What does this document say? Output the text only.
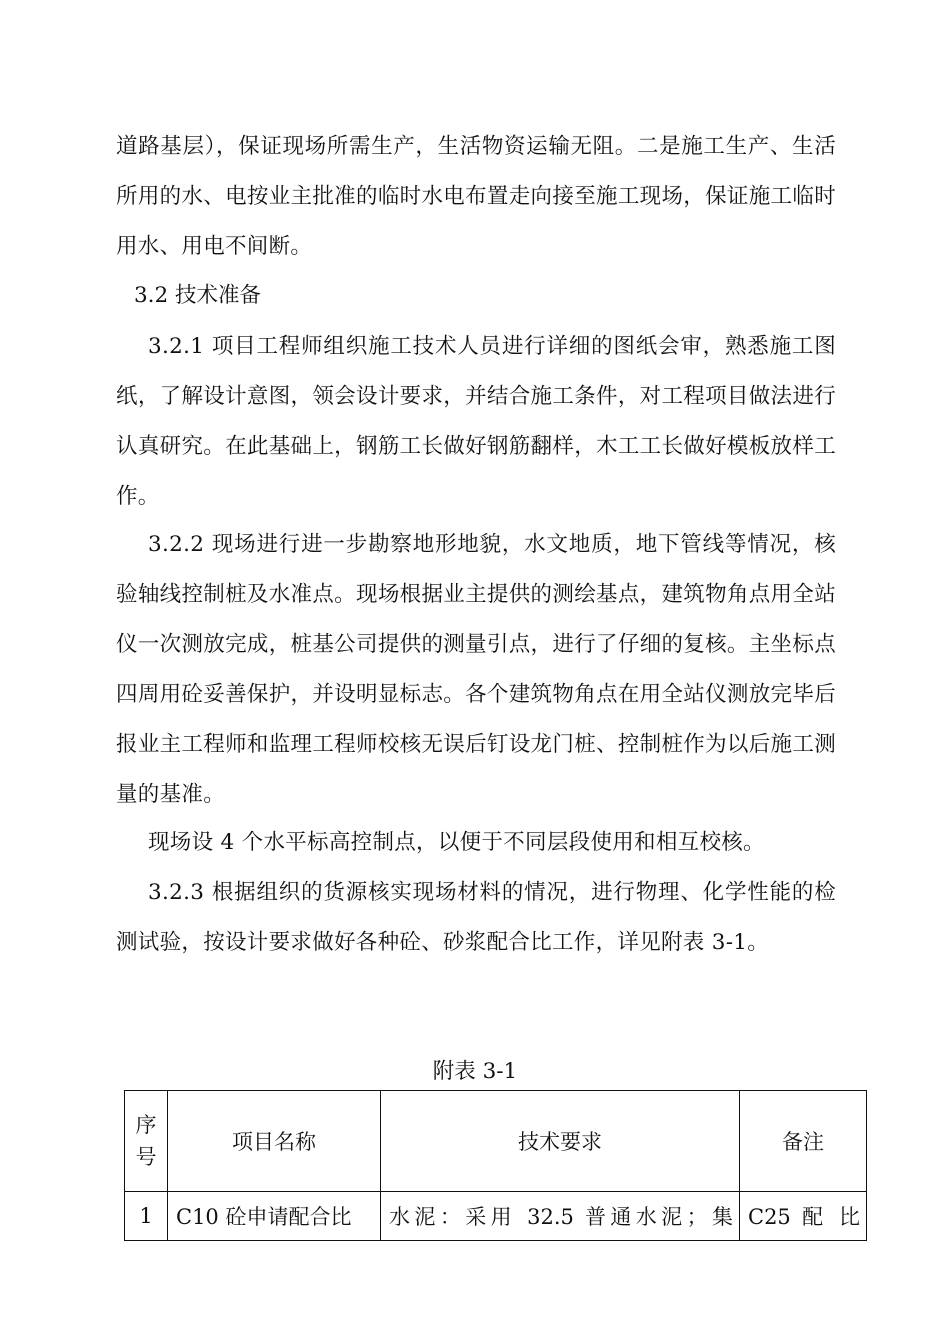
道路基层），保证现场所需生产，生活物资运输无阻。二是施工生产、生活所用的水、电按业主批准的临时水电布置走向接至施工现场，保证施工临时用水、用电不间断。

3.2 技术准备

3.2.1 项目工程师组织施工技术人员进行详细的图纸会审，熟悉施工图纸，了解设计意图，领会设计要求，并结合施工条件，对工程项目做法进行认真研究。在此基础上，钢筋工长做好钢筋翻样，木工工长做好模板放样工作。

3.2.2 现场进行进一步勘察地形地貌，水文地质，地下管线等情况，核验轴线控制桩及水准点。现场根据业主提供的测绘基点，建筑物角点用全站仪一次测放完成，桩基公司提供的测量引点，进行了仔细的复核。主坐标点四周用砼妥善保护，并设明显标志。各个建筑物角点在用全站仪测放完毕后报业主工程师和监理工程师校核无误后钉设龙门桩、控制桩作为以后施工测量的基准。

现场设 4 个水平标高控制点，以便于不同层段使用和相互校核。

3.2.3 根据组织的货源核实现场材料的情况，进行物理、化学性能的检测试验，按设计要求做好各种砼、砂浆配合比工作，详见附表 3-1。

附表 3-1
序
号	项目名称	技术要求	备注
1	C10 砼申请配合比	水泥：采用 32.5 普通水泥；集	C25 配 比
